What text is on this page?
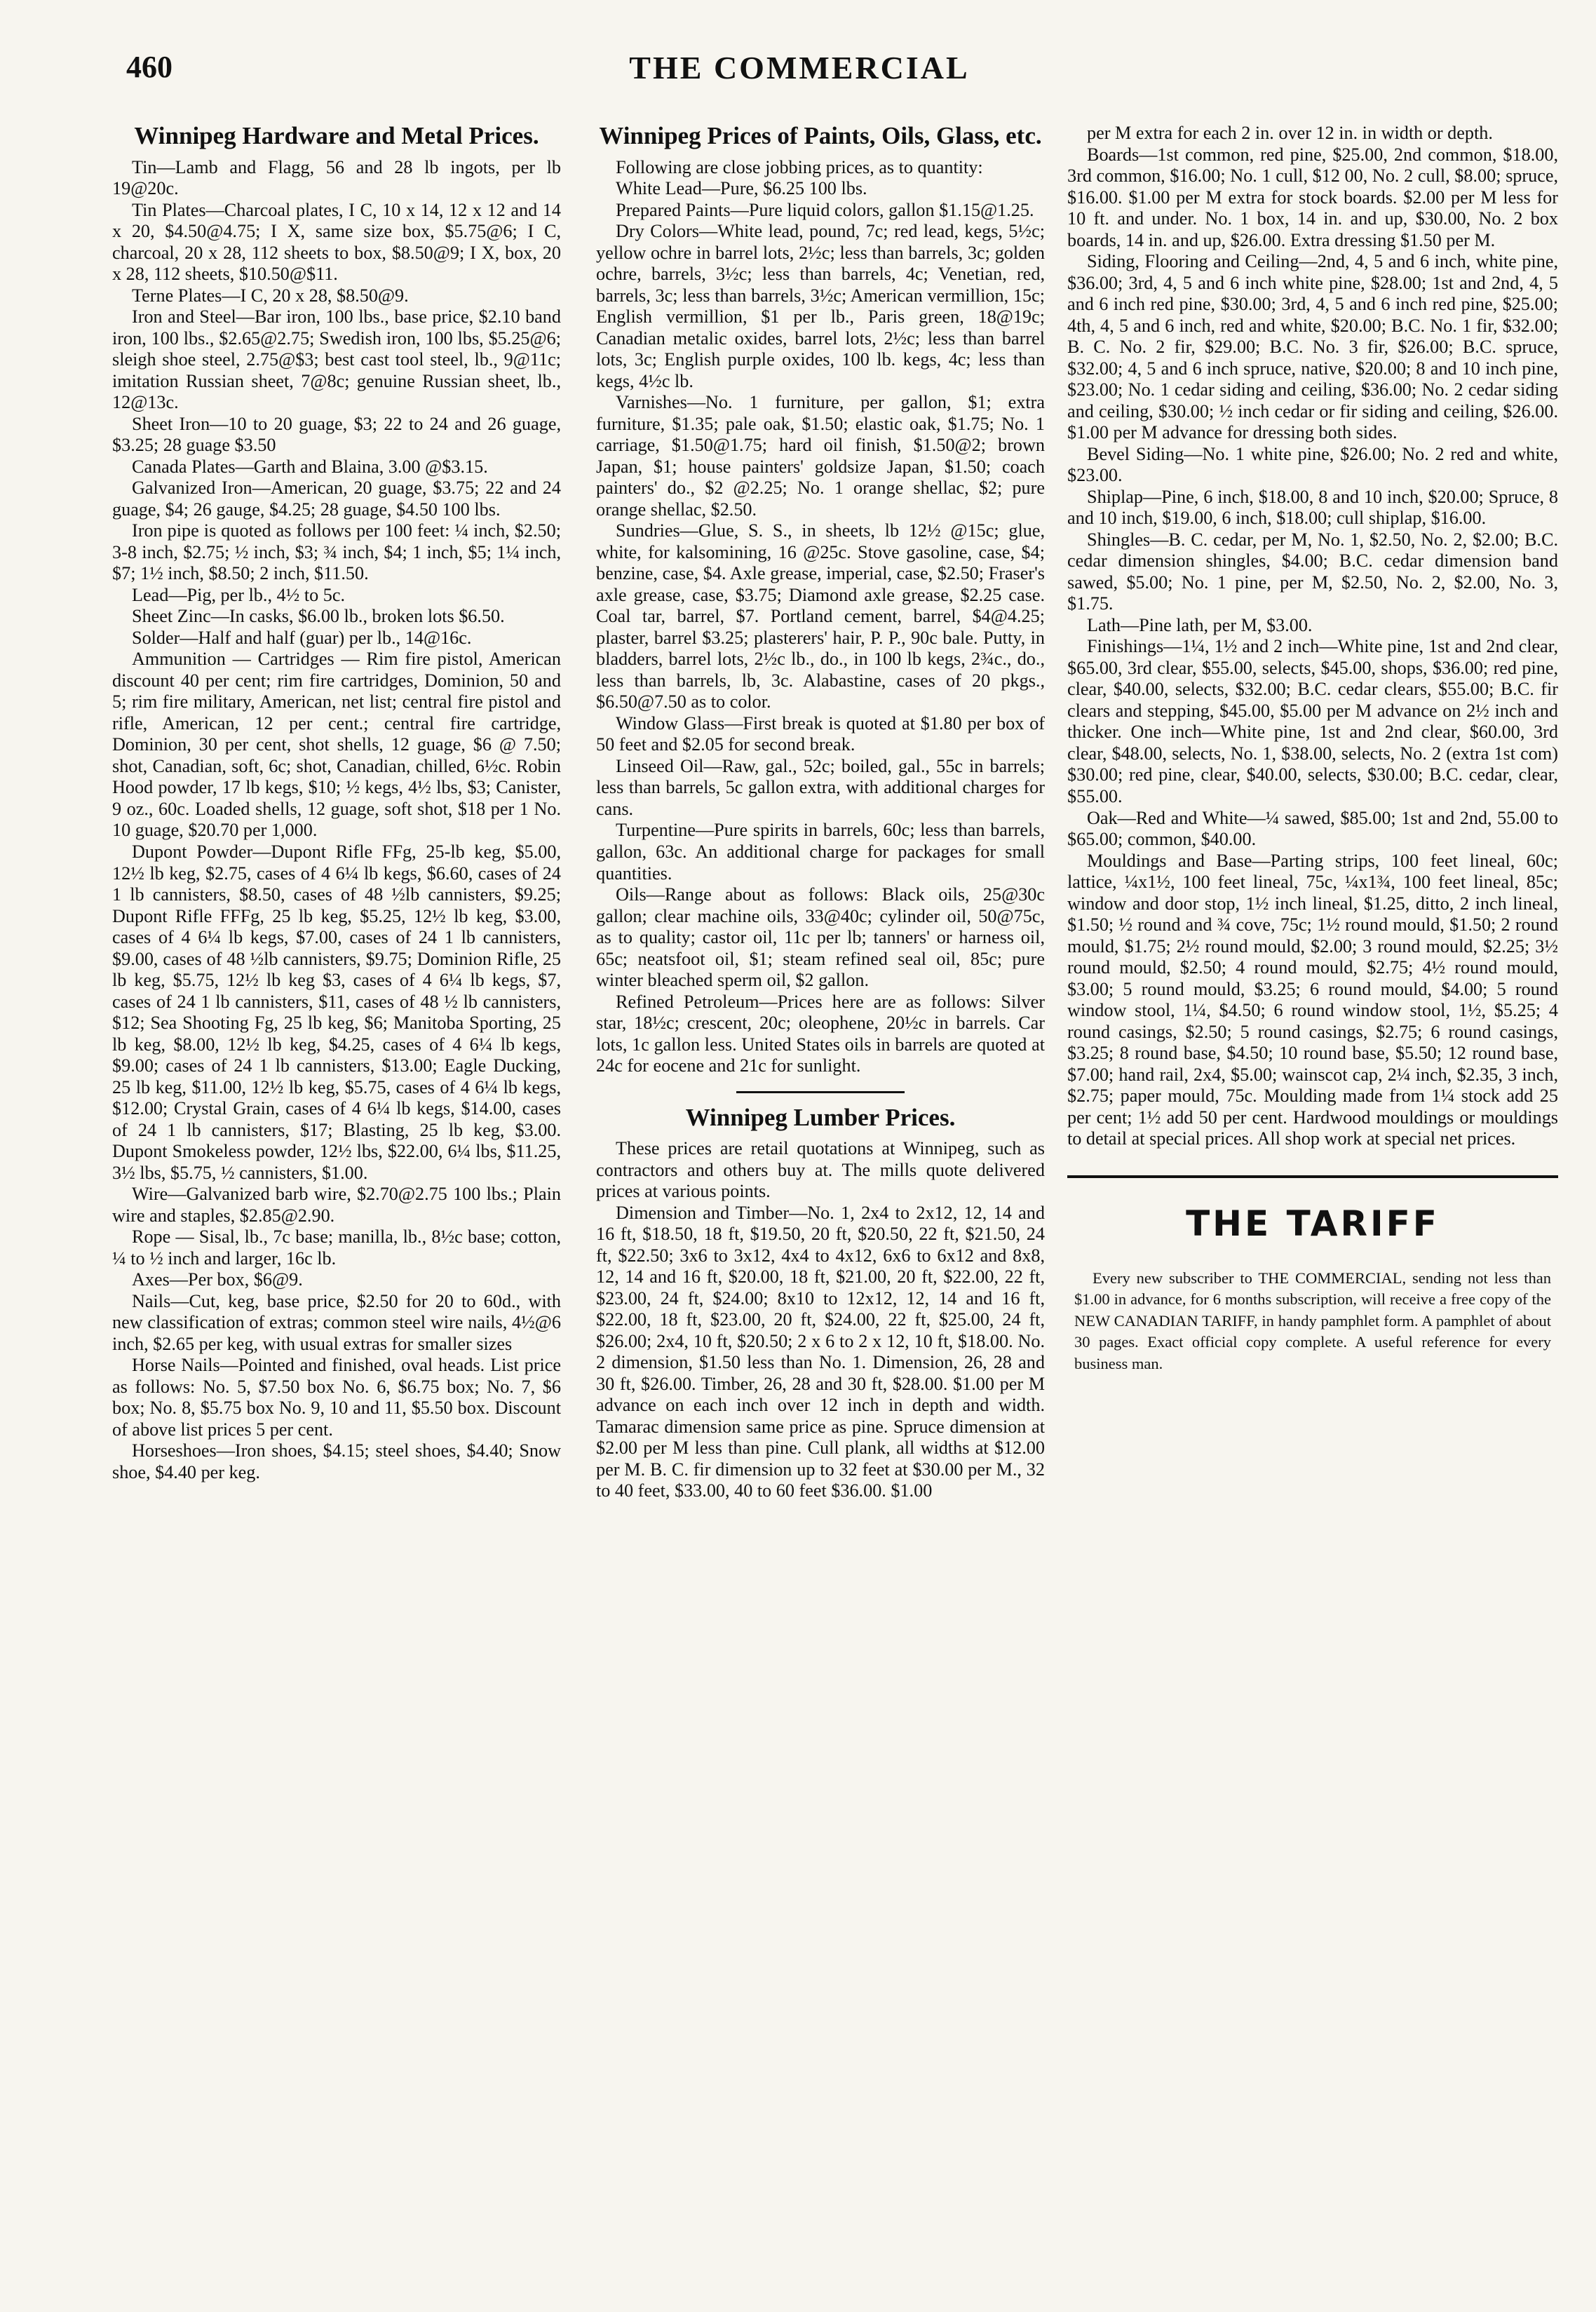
460	THE COMMERCIAL
Winnipeg Hardware and Metal Prices.

Tin—Lamb and Flagg, 56 and 28 lb ingots, per lb 19@20c.

Tin Plates—Charcoal plates, I C, 10 x 14, 12 x 12 and 14 x 20, $4.50@4.75; I X, same size box, $5.75@6; I C, charcoal, 20 x 28, 112 sheets to box, $8.50@9; I X, box, 20 x 28, 112 sheets, $10.50@$11.

Terne Plates—I C, 20 x 28, $8.50@9.

Iron and Steel—Bar iron, 100 lbs., base price, $2.10 band iron, 100 lbs., $2.65@2.75; Swedish iron, 100 lbs, $5.25@6; sleigh shoe steel, 2.75@$3; best cast tool steel, lb., 9@11c; imitation Russian sheet, 7@8c; genuine Russian sheet, lb., 12@13c.

Sheet Iron—10 to 20 guage, $3; 22 to 24 and 26 guage, $3.25; 28 guage $3.50

Canada Plates—Garth and Blaina, 3.00 @$3.15.

Galvanized Iron—American, 20 guage, $3.75; 22 and 24 guage, $4; 26 gauge, $4.25; 28 guage, $4.50 100 lbs.

Iron pipe is quoted as follows per 100 feet: ¼ inch, $2.50; 3-8 inch, $2.75; ½ inch, $3; ¾ inch, $4; 1 inch, $5; 1¼ inch, $7; 1½ inch, $8.50; 2 inch, $11.50.

Lead—Pig, per lb., 4½ to 5c.

Sheet Zinc—In casks, $6.00 lb., broken lots $6.50.

Solder—Half and half (guar) per lb., 14@16c.

Ammunition — Cartridges — Rim fire pistol, American discount 40 per cent; rim fire cartridges, Dominion, 50 and 5; rim fire military, American, net list; central fire pistol and rifle, American, 12 per cent.; central fire cartridge, Dominion, 30 per cent, shot shells, 12 guage, $6 @ 7.50; shot, Canadian, soft, 6c; shot, Canadian, chilled, 6½c. Robin Hood powder, 17 lb kegs, $10; ½ kegs, 4½ lbs, $3; Canister, 9 oz., 60c. Loaded shells, 12 guage, soft shot, $18 per 1 No. 10 guage, $20.70 per 1,000.

Dupont Powder—Dupont Rifle FFg, 25-lb keg, $5.00, 12½ lb keg, $2.75, cases of 4 6¼ lb kegs, $6.60, cases of 24 1 lb cannisters, $8.50, cases of 48 ½lb cannisters, $9.25; Dupont Rifle FFFg, 25 lb keg, $5.25, 12½ lb keg, $3.00, cases of 4 6¼ lb kegs, $7.00, cases of 24 1 lb cannisters, $9.00, cases of 48 ½lb cannisters, $9.75; Dominion Rifle, 25 lb keg, $5.75, 12½ lb keg $3, cases of 4 6¼ lb kegs, $7, cases of 24 1 lb cannisters, $11, cases of 48 ½ lb cannisters, $12; Sea Shooting Fg, 25 lb keg, $6; Manitoba Sporting, 25 lb keg, $8.00, 12½ lb keg, $4.25, cases of 4 6¼ lb kegs, $9.00; cases of 24 1 lb cannisters, $13.00; Eagle Ducking, 25 lb keg, $11.00, 12½ lb keg, $5.75, cases of 4 6¼ lb kegs, $12.00; Crystal Grain, cases of 4 6¼ lb kegs, $14.00, cases of 24 1 lb cannisters, $17; Blasting, 25 lb keg, $3.00. Dupont Smokeless powder, 12½ lbs, $22.00, 6¼ lbs, $11.25, 3½ lbs, $5.75, ½ cannisters, $1.00.

Wire—Galvanized barb wire, $2.70@2.75 100 lbs.; Plain wire and staples, $2.85@2.90.

Rope — Sisal, lb., 7c base; manilla, lb., 8½c base; cotton, ¼ to ½ inch and larger, 16c lb.

Axes—Per box, $6@9.

Nails—Cut, keg, base price, $2.50 for 20 to 60d., with new classification of extras; common steel wire nails, 4½@6 inch, $2.65 per keg, with usual extras for smaller sizes

Horse Nails—Pointed and finished, oval heads. List price as follows: No. 5, $7.50 box No. 6, $6.75 box; No. 7, $6 box; No. 8, $5.75 box No. 9, 10 and 11, $5.50 box. Discount of above list prices 5 per cent.

Horseshoes—Iron shoes, $4.15; steel shoes, $4.40; Snow shoe, $4.40 per keg.

Winnipeg Prices of Paints, Oils, Glass, etc.

Following are close jobbing prices, as to quantity:

White Lead—Pure, $6.25 100 lbs.

Prepared Paints—Pure liquid colors, gallon $1.15@1.25.

Dry Colors—White lead, pound, 7c; red lead, kegs, 5½c; yellow ochre in barrel lots, 2½c; less than barrels, 3c; golden ochre, barrels, 3½c; less than barrels, 4c; Venetian, red, barrels, 3c; less than barrels, 3½c; American vermillion, 15c; English vermillion, $1 per lb., Paris green, 18@19c; Canadian metalic oxides, barrel lots, 2½c; less than barrel lots, 3c; English purple oxides, 100 lb. kegs, 4c; less than kegs, 4½c lb.

Varnishes—No. 1 furniture, per gallon, $1; extra furniture, $1.35; pale oak, $1.50; elastic oak, $1.75; No. 1 carriage, $1.50@1.75; hard oil finish, $1.50@2; brown Japan, $1; house painters' goldsize Japan, $1.50; coach painters' do., $2 @2.25; No. 1 orange shellac, $2; pure orange shellac, $2.50.

Sundries—Glue, S. S., in sheets, lb 12½ @15c; glue, white, for kalsomining, 16 @25c. Stove gasoline, case, $4; benzine, case, $4. Axle grease, imperial, case, $2.50; Fraser's axle grease, case, $3.75; Diamond axle grease, $2.25 case. Coal tar, barrel, $7. Portland cement, barrel, $4@4.25; plaster, barrel $3.25; plasterers' hair, P. P., 90c bale. Putty, in bladders, barrel lots, 2½c lb., do., in 100 lb kegs, 2¾c., do., less than barrels, lb, 3c. Alabastine, cases of 20 pkgs., $6.50@7.50 as to color.

Window Glass—First break is quoted at $1.80 per box of 50 feet and $2.05 for second break.

Linseed Oil—Raw, gal., 52c; boiled, gal., 55c in barrels; less than barrels, 5c gallon extra, with additional charges for cans.

Turpentine—Pure spirits in barrels, 60c; less than barrels, gallon, 63c. An additional charge for packages for small quantities.

Oils—Range about as follows: Black oils, 25@30c gallon; clear machine oils, 33@40c; cylinder oil, 50@75c, as to quality; castor oil, 11c per lb; tanners' or harness oil, 65c; neatsfoot oil, $1; steam refined seal oil, 85c; pure winter bleached sperm oil, $2 gallon.

Refined Petroleum—Prices here are as follows: Silver star, 18½c; crescent, 20c; oleophene, 20½c in barrels. Car lots, 1c gallon less. United States oils in barrels are quoted at 24c for eocene and 21c for sunlight.

Winnipeg Lumber Prices.

These prices are retail quotations at Winnipeg, such as contractors and others buy at. The mills quote delivered prices at various points.

Dimension and Timber—No. 1, 2x4 to 2x12, 12, 14 and 16 ft, $18.50, 18 ft, $19.50, 20 ft, $20.50, 22 ft, $21.50, 24 ft, $22.50; 3x6 to 3x12, 4x4 to 4x12, 6x6 to 6x12 and 8x8, 12, 14 and 16 ft, $20.00, 18 ft, $21.00, 20 ft, $22.00, 22 ft, $23.00, 24 ft, $24.00; 8x10 to 12x12, 12, 14 and 16 ft, $22.00, 18 ft, $23.00, 20 ft, $24.00, 22 ft, $25.00, 24 ft, $26.00; 2x4, 10 ft, $20.50; 2 x 6 to 2 x 12, 10 ft, $18.00. No. 2 dimension, $1.50 less than No. 1. Dimension, 26, 28 and 30 ft, $26.00. Timber, 26, 28 and 30 ft, $28.00. $1.00 per M advance on each inch over 12 inch in depth and width. Tamarac dimension same price as pine. Spruce dimension at $2.00 per M less than pine. Cull plank, all widths at $12.00 per M. B. C. fir dimension up to 32 feet at $30.00 per M., 32 to 40 feet, $33.00, 40 to 60 feet $36.00. $1.00

per M extra for each 2 in. over 12 in. in width or depth.

Boards—1st common, red pine, $25.00, 2nd common, $18.00, 3rd common, $16.00; No. 1 cull, $12 00, No. 2 cull, $8.00; spruce, $16.00. $1.00 per M extra for stock boards. $2.00 per M less for 10 ft. and under. No. 1 box, 14 in. and up, $30.00, No. 2 box boards, 14 in. and up, $26.00. Extra dressing $1.50 per M.

Siding, Flooring and Ceiling—2nd, 4, 5 and 6 inch, white pine, $36.00; 3rd, 4, 5 and 6 inch white pine, $28.00; 1st and 2nd, 4, 5 and 6 inch red pine, $30.00; 3rd, 4, 5 and 6 inch red pine, $25.00; 4th, 4, 5 and 6 inch, red and white, $20.00; B.C. No. 1 fir, $32.00; B. C. No. 2 fir, $29.00; B.C. No. 3 fir, $26.00; B.C. spruce, $32.00; 4, 5 and 6 inch spruce, native, $20.00; 8 and 10 inch pine, $23.00; No. 1 cedar siding and ceiling, $36.00; No. 2 cedar siding and ceiling, $30.00; ½ inch cedar or fir siding and ceiling, $26.00. $1.00 per M advance for dressing both sides.

Bevel Siding—No. 1 white pine, $26.00; No. 2 red and white, $23.00.

Shiplap—Pine, 6 inch, $18.00, 8 and 10 inch, $20.00; Spruce, 8 and 10 inch, $19.00, 6 inch, $18.00; cull shiplap, $16.00.

Shingles—B. C. cedar, per M, No. 1, $2.50, No. 2, $2.00; B.C. cedar dimension shingles, $4.00; B.C. cedar dimension band sawed, $5.00; No. 1 pine, per M, $2.50, No. 2, $2.00, No. 3, $1.75.

Lath—Pine lath, per M, $3.00.

Finishings—1¼, 1½ and 2 inch—White pine, 1st and 2nd clear, $65.00, 3rd clear, $55.00, selects, $45.00, shops, $36.00; red pine, clear, $40.00, selects, $32.00; B.C. cedar clears, $55.00; B.C. fir clears and stepping, $45.00, $5.00 per M advance on 2½ inch and thicker. One inch—White pine, 1st and 2nd clear, $60.00, 3rd clear, $48.00, selects, No. 1, $38.00, selects, No. 2 (extra 1st com) $30.00; red pine, clear, $40.00, selects, $30.00; B.C. cedar, clear, $55.00.

Oak—Red and White—¼ sawed, $85.00; 1st and 2nd, 55.00 to $65.00; common, $40.00.

Mouldings and Base—Parting strips, 100 feet lineal, 60c; lattice, ¼x1½, 100 feet lineal, 75c, ¼x1¾, 100 feet lineal, 85c; window and door stop, 1½ inch lineal, $1.25, ditto, 2 inch lineal, $1.50; ½ round and ¾ cove, 75c; 1½ round mould, $1.50; 2 round mould, $1.75; 2½ round mould, $2.00; 3 round mould, $2.25; 3½ round mould, $2.50; 4 round mould, $2.75; 4½ round mould, $3.00; 5 round mould, $3.25; 6 round mould, $4.00; 5 round window stool, 1¼, $4.50; 6 round window stool, 1½, $5.25; 4 round casings, $2.50; 5 round casings, $2.75; 6 round casings, $3.25; 8 round base, $4.50; 10 round base, $5.50; 12 round base, $7.00; hand rail, 2x4, $5.00; wainscot cap, 2¼ inch, $2.35, 3 inch, $2.75; paper mould, 75c. Moulding made from 1¼ stock add 25 per cent; 1½ add 50 per cent. Hardwood mouldings or mouldings to detail at special prices. All shop work at special net prices.

THE TARIFF
Every new subscriber to THE COMMERCIAL, sending not less than $1.00 in advance, for 6 months subscription, will receive a free copy of the NEW CANADIAN TARIFF, in handy pamphlet form. A pamphlet of about 30 pages. Exact official copy complete. A useful reference for every business man.
